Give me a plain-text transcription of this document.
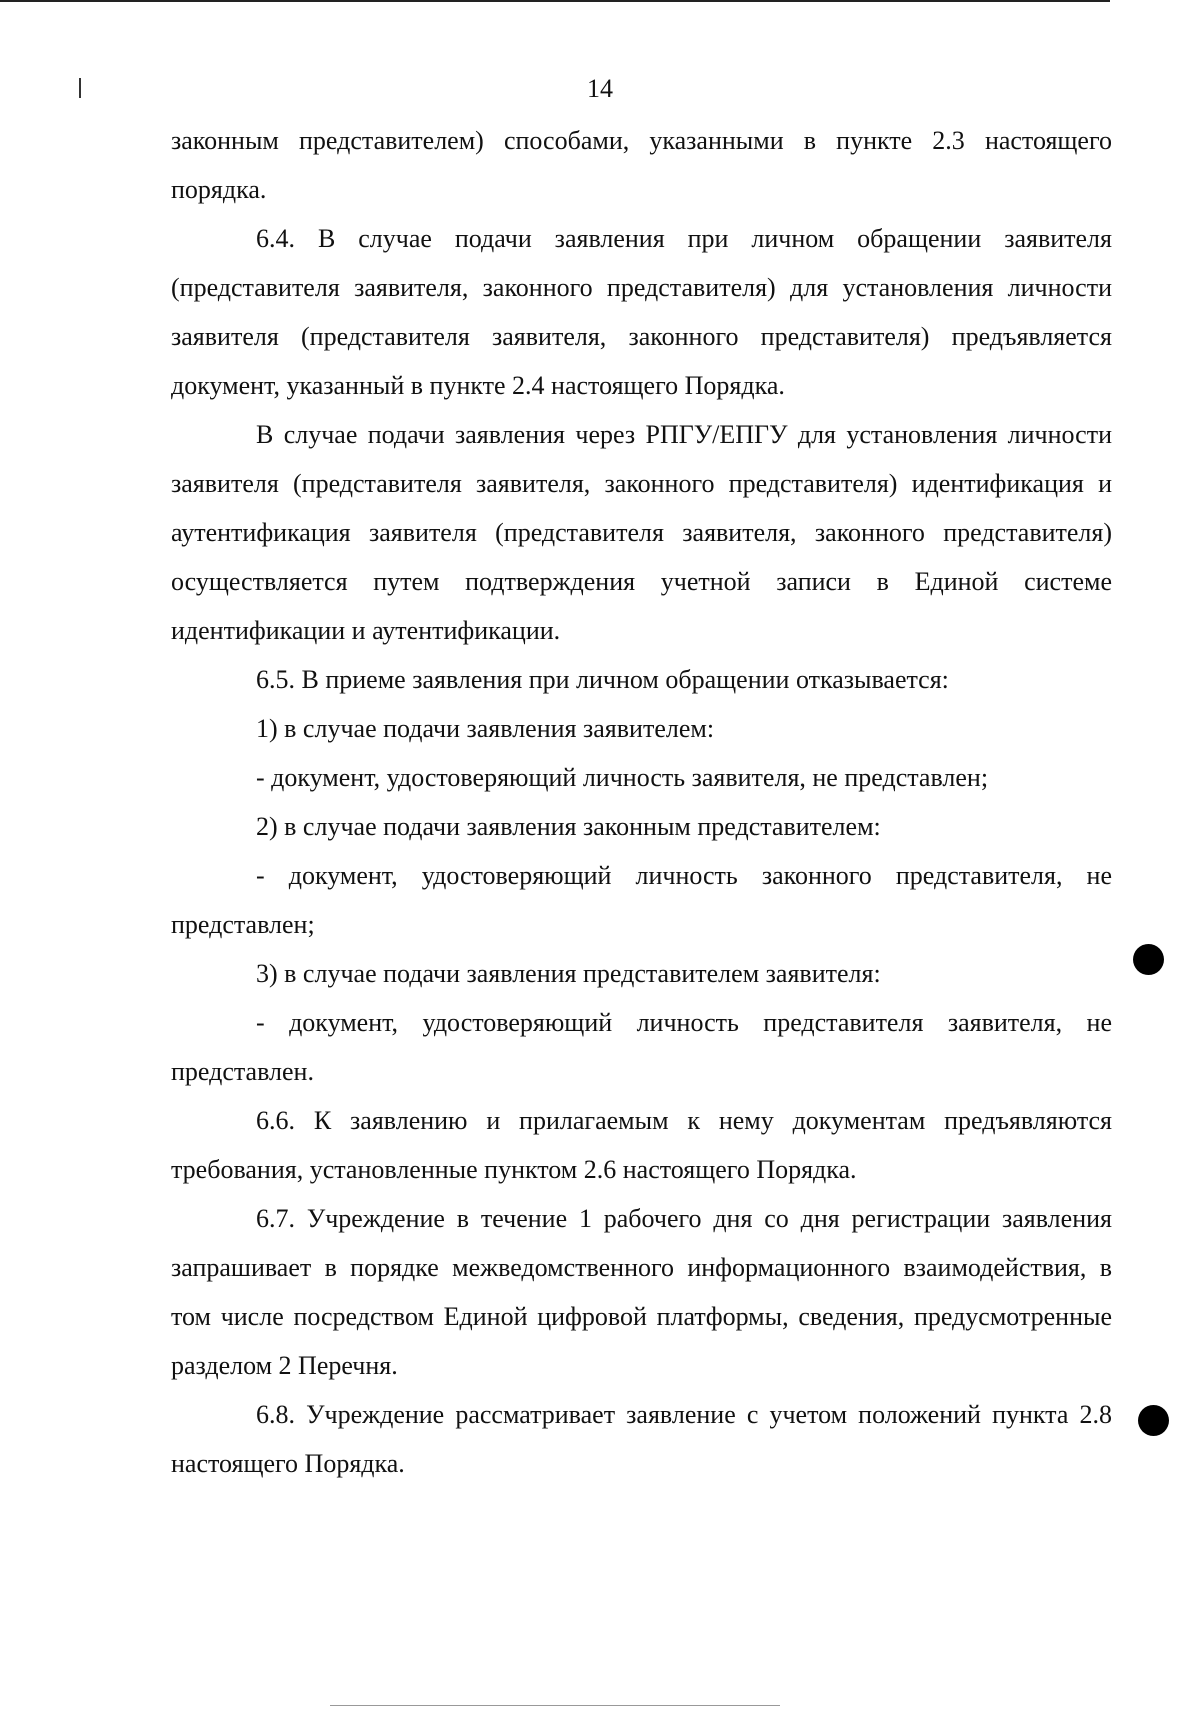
14

законным представителем) способами, указанными в пункте 2.3 настоящего порядка.

6.4. В случае подачи заявления при личном обращении заявителя (представителя заявителя, законного представителя) для установления личности заявителя (представителя заявителя, законного представителя) предъявляется документ, указанный в пункте 2.4 настоящего Порядка.

В случае подачи заявления через РПГУ/ЕПГУ для установления личности заявителя (представителя заявителя, законного представителя) идентификация и аутентификация заявителя (представителя заявителя, законного представителя) осуществляется путем подтверждения учетной записи в Единой системе идентификации и аутентификации.

6.5. В приеме заявления при личном обращении отказывается:

1) в случае подачи заявления заявителем:

- документ, удостоверяющий личность заявителя, не представлен;

2) в случае подачи заявления законным представителем:

- документ, удостоверяющий личность законного представителя, не представлен;

3) в случае подачи заявления представителем заявителя:

- документ, удостоверяющий личность представителя заявителя, не представлен.

6.6. К заявлению и прилагаемым к нему документам предъявляются требования, установленные пунктом 2.6 настоящего Порядка.

6.7. Учреждение в течение 1 рабочего дня со дня регистрации заявления запрашивает в порядке межведомственного информационного взаимодействия, в том числе посредством Единой цифровой платформы, сведения, предусмотренные разделом 2 Перечня.

6.8. Учреждение рассматривает заявление с учетом положений пункта 2.8 настоящего Порядка.
